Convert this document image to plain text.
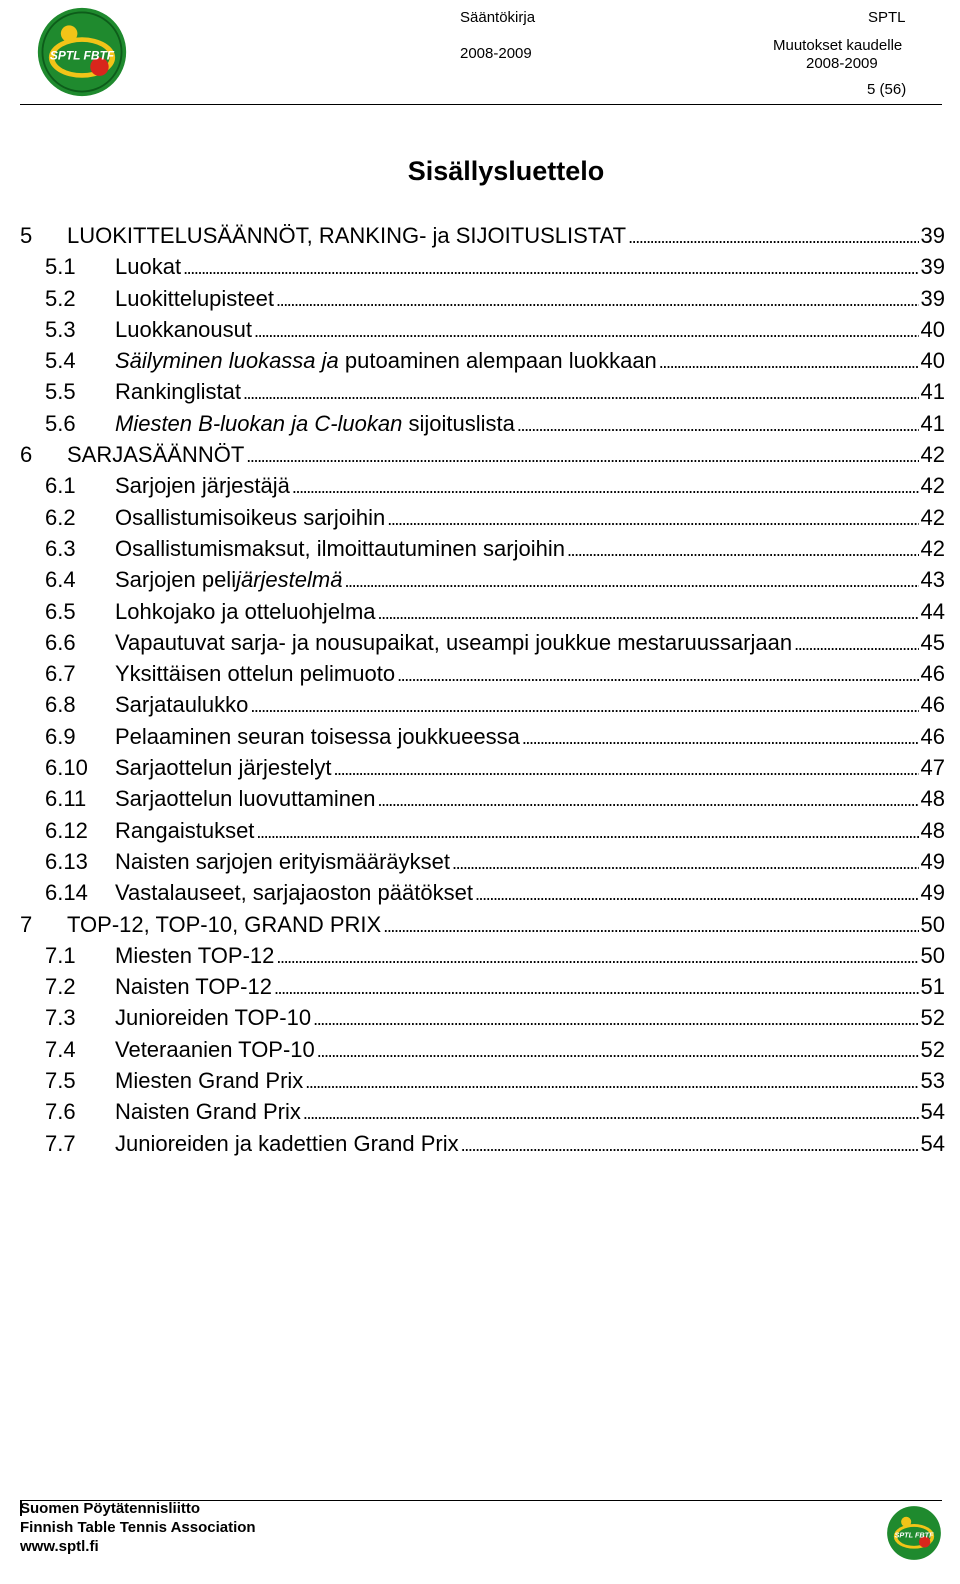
SPTL FBTF
Sääntökirja
2008-2009
SPTL
Muutokset kaudelle
2008-2009
5 (56)
Sisällysluettelo
5	LUOKITTELUSÄÄNNÖT, RANKING- ja SIJOITUSLISTAT . . .	39
5.1	Luokat . . .	39
5.2	Luokittelupisteet . . .	39
5.3	Luokkanousut . . .	40
5.4	Säilyminen luokassa ja putoaminen alempaan luokkaan . . .	40
5.5	Rankinglistat . . .	41
5.6	Miesten B-luokan ja C-luokan sijoituslista . . .	41
6	SARJASÄÄNNÖT . . .	42
6.1	Sarjojen järjestäjä . . .	42
6.2	Osallistumisoikeus sarjoihin . . .	42
6.3	Osallistumismaksut, ilmoittautuminen sarjoihin . . .	42
6.4	Sarjojen pelijärjestelmä . . .	43
6.5	Lohkojako ja otteluohjelma . . .	44
6.6	Vapautuvat sarja- ja nousupaikat, useampi joukkue mestaruussarjaan . . .	45
6.7	Yksittäisen ottelun pelimuoto . . .	46
6.8	Sarjataulukko . . .	46
6.9	Pelaaminen seuran toisessa joukkueessa . . .	46
6.10	Sarjaottelun järjestelyt . . .	47
6.11	Sarjaottelun luovuttaminen . . .	48
6.12	Rangaistukset . . .	48
6.13	Naisten sarjojen erityismääräykset . . .	49
6.14	Vastalauseet, sarjajaoston päätökset . . .	49
7	TOP-12, TOP-10, GRAND PRIX . . .	50
7.1	Miesten TOP-12 . . .	50
7.2	Naisten TOP-12 . . .	51
7.3	Junioreiden TOP-10 . . .	52
7.4	Veteraanien TOP-10 . . .	52
7.5	Miesten Grand Prix . . .	53
7.6	Naisten Grand Prix . . .	54
7.7	Junioreiden ja kadettien Grand Prix . . .	54
Suomen Pöytätennisliitto
Finnish Table Tennis Association
www.sptl.fi
SPTL FBTF
